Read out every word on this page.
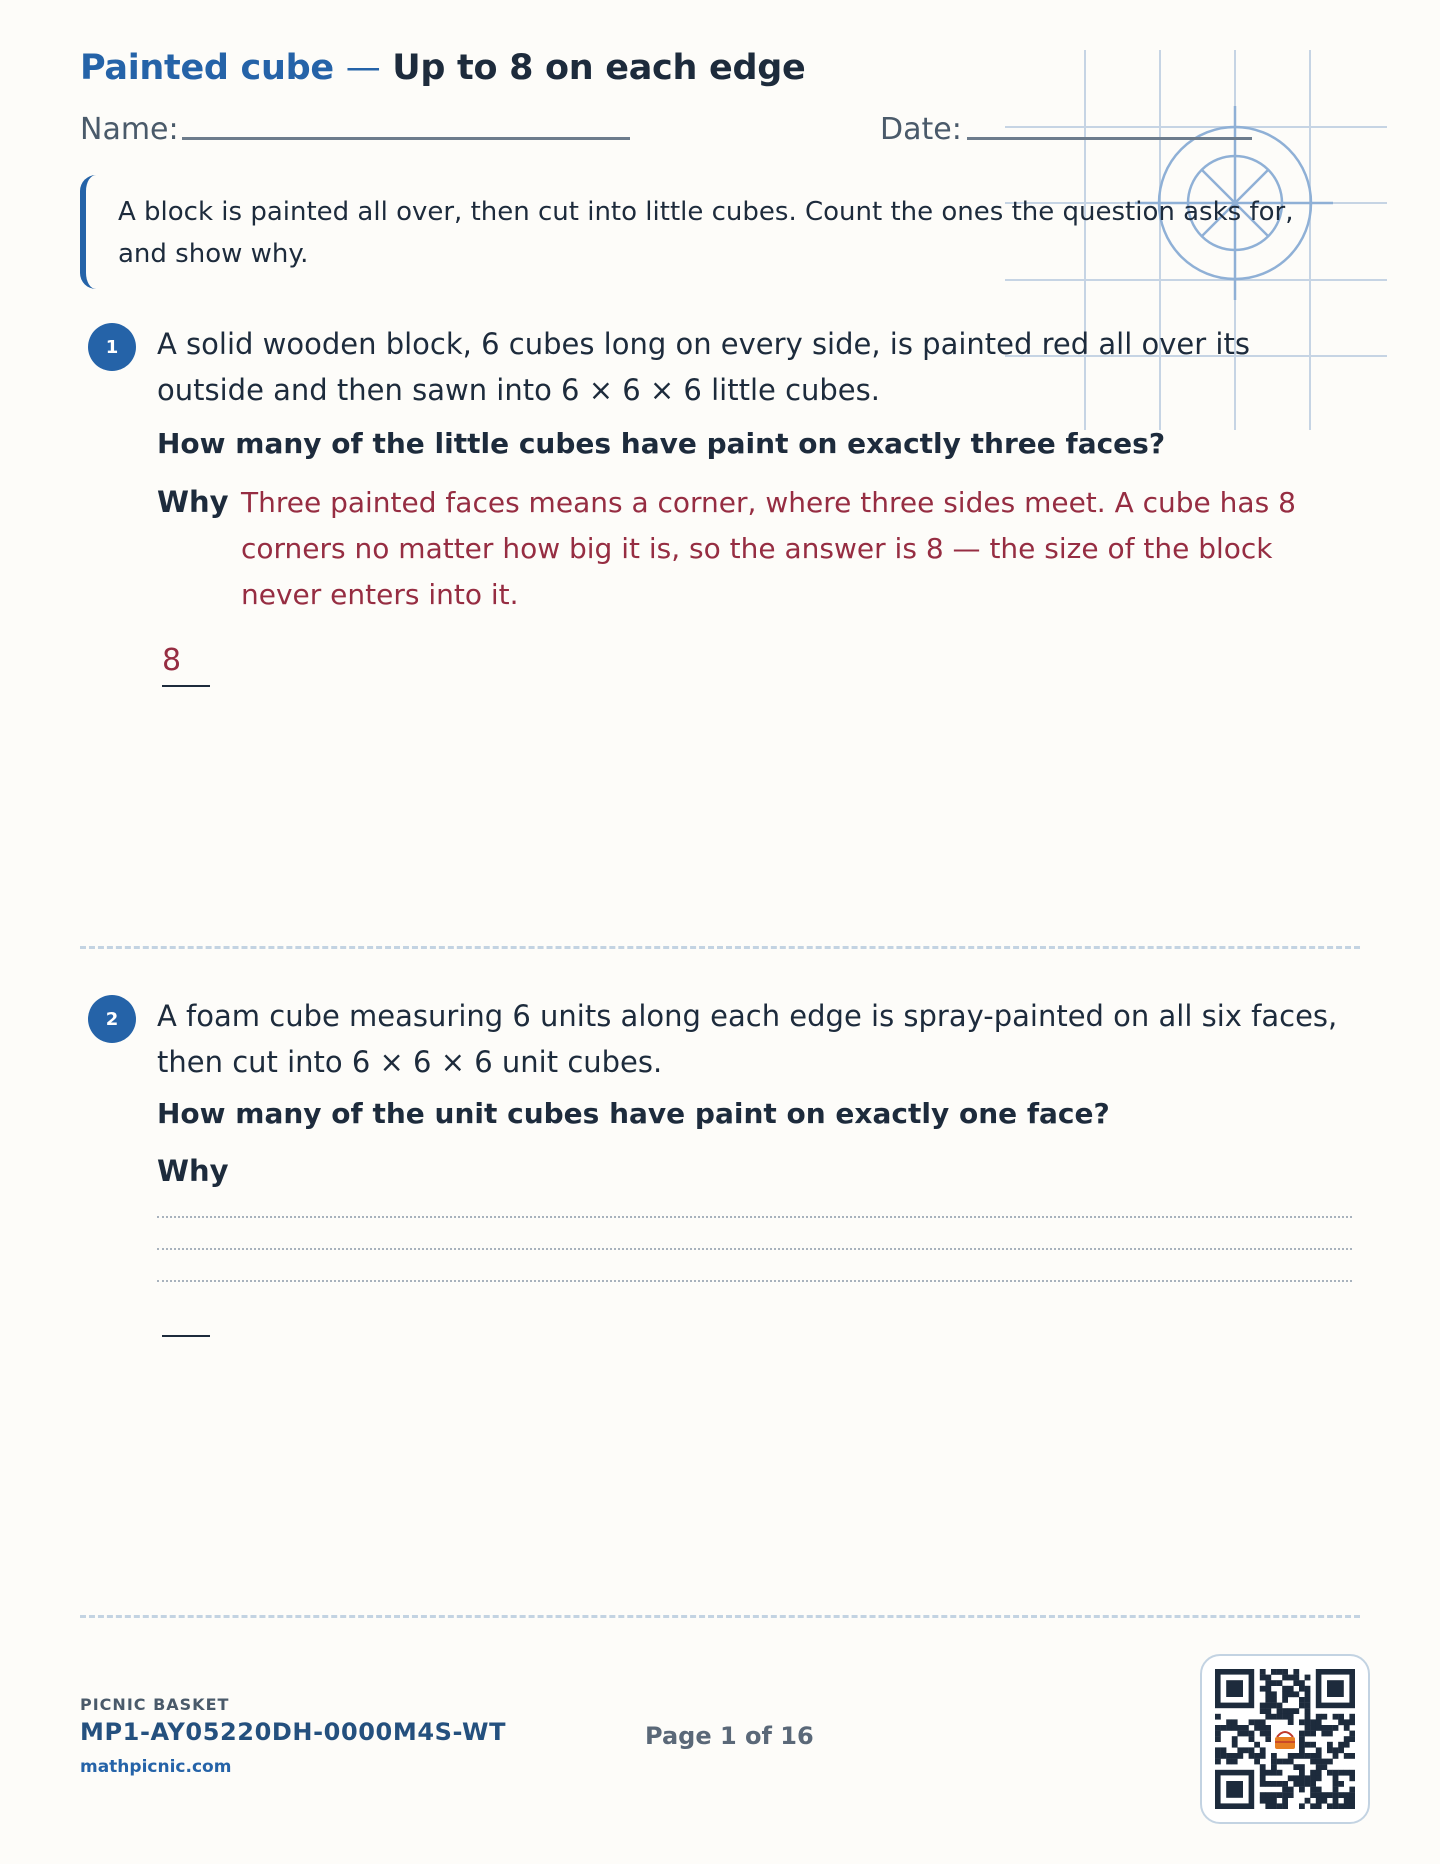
Painted cube — Up to 8 on each edge
Name:	Date:
A block is painted all over, then cut into little cubes. Count the ones the question asks for, and show why.
1	A solid wooden block, 6 cubes long on every side, is painted red all over its outside and then sawn into 6 × 6 × 6 little cubes.
How many of the little cubes have paint on exactly three faces?
Why Three painted faces means a corner, where three sides meet. A cube has 8 corners no matter how big it is, so the answer is 8 — the size of the block never enters into it.
8
2	A foam cube measuring 6 units along each edge is spray-painted on all six faces, then cut into 6 × 6 × 6 unit cubes.
How many of the unit cubes have paint on exactly one face?
Why
PICNIC BASKET
MP1-AY05220DH-0000M4S-WT
mathpicnic.com
Page 1 of 16
